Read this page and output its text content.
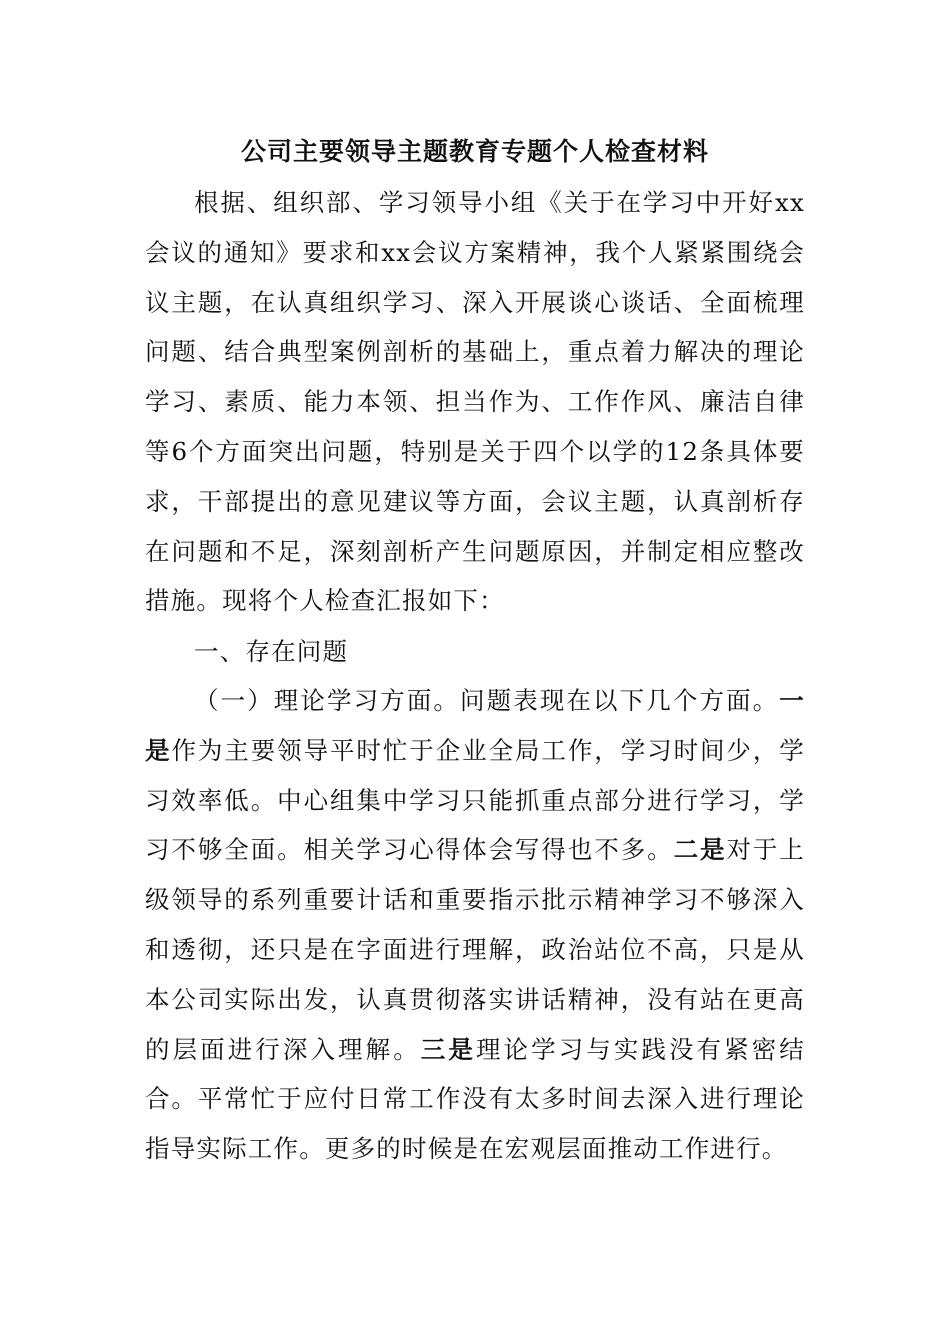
公司主要领导主题教育专题个人检查材料

根据、组织部、学习领导小组《关于在学习中开好xx会议的通知》要求和xx会议方案精神，我个人紧紧围绕会议主题，在认真组织学习、深入开展谈心谈话、全面梳理问题、结合典型案例剖析的基础上，重点着力解决的理论学习、素质、能力本领、担当作为、工作作风、廉洁自律等6个方面突出问题，特别是关于四个以学的12条具体要求，干部提出的意见建议等方面，会议主题，认真剖析存在问题和不足，深刻剖析产生问题原因，并制定相应整改措施。现将个人检查汇报如下：

一、存在问题

（一）理论学习方面。问题表现在以下几个方面。一是作为主要领导平时忙于企业全局工作，学习时间少，学习效率低。中心组集中学习只能抓重点部分进行学习，学习不够全面。相关学习心得体会写得也不多。二是对于上级领导的系列重要计话和重要指示批示精神学习不够深入和透彻，还只是在字面进行理解，政治站位不高，只是从本公司实际出发，认真贯彻落实讲话精神，没有站在更高的层面进行深入理解。三是理论学习与实践没有紧密结合。平常忙于应付日常工作没有太多时间去深入进行理论指导实际工作。更多的时候是在宏观层面推动工作进行。
